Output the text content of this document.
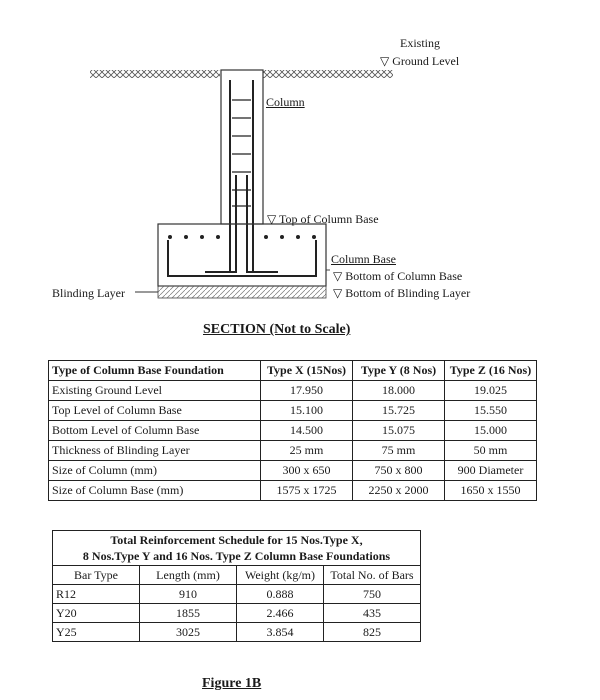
Existing
▽ Ground Level
Column
▽ Top of Column Base
Column Base
▽ Bottom of Column Base
▽ Bottom of Blinding Layer
Blinding Layer
SECTION (Not to Scale)
Type of Column Base Foundation	Type X (15Nos)	Type Y (8 Nos)	Type Z (16 Nos)
Existing Ground Level	17.950	18.000	19.025
Top Level of Column Base	15.100	15.725	15.550
Bottom Level of Column Base	14.500	15.075	15.000
Thickness of Blinding Layer	25 mm	75 mm	50 mm
Size of Column (mm)	300 x 650	750 x 800	900 Diameter
Size of Column Base (mm)	1575 x 1725	2250 x 2000	1650 x 1550
Total Reinforcement Schedule for 15 Nos.Type X,
8 Nos.Type Y and 16 Nos. Type Z Column Base Foundations			

Bar Type	Length (mm)	Weight (kg/m)	Total No. of Bars
R12	910	0.888	750
Y20	1855	2.466	435
Y25	3025	3.854	825
Figure 1B
